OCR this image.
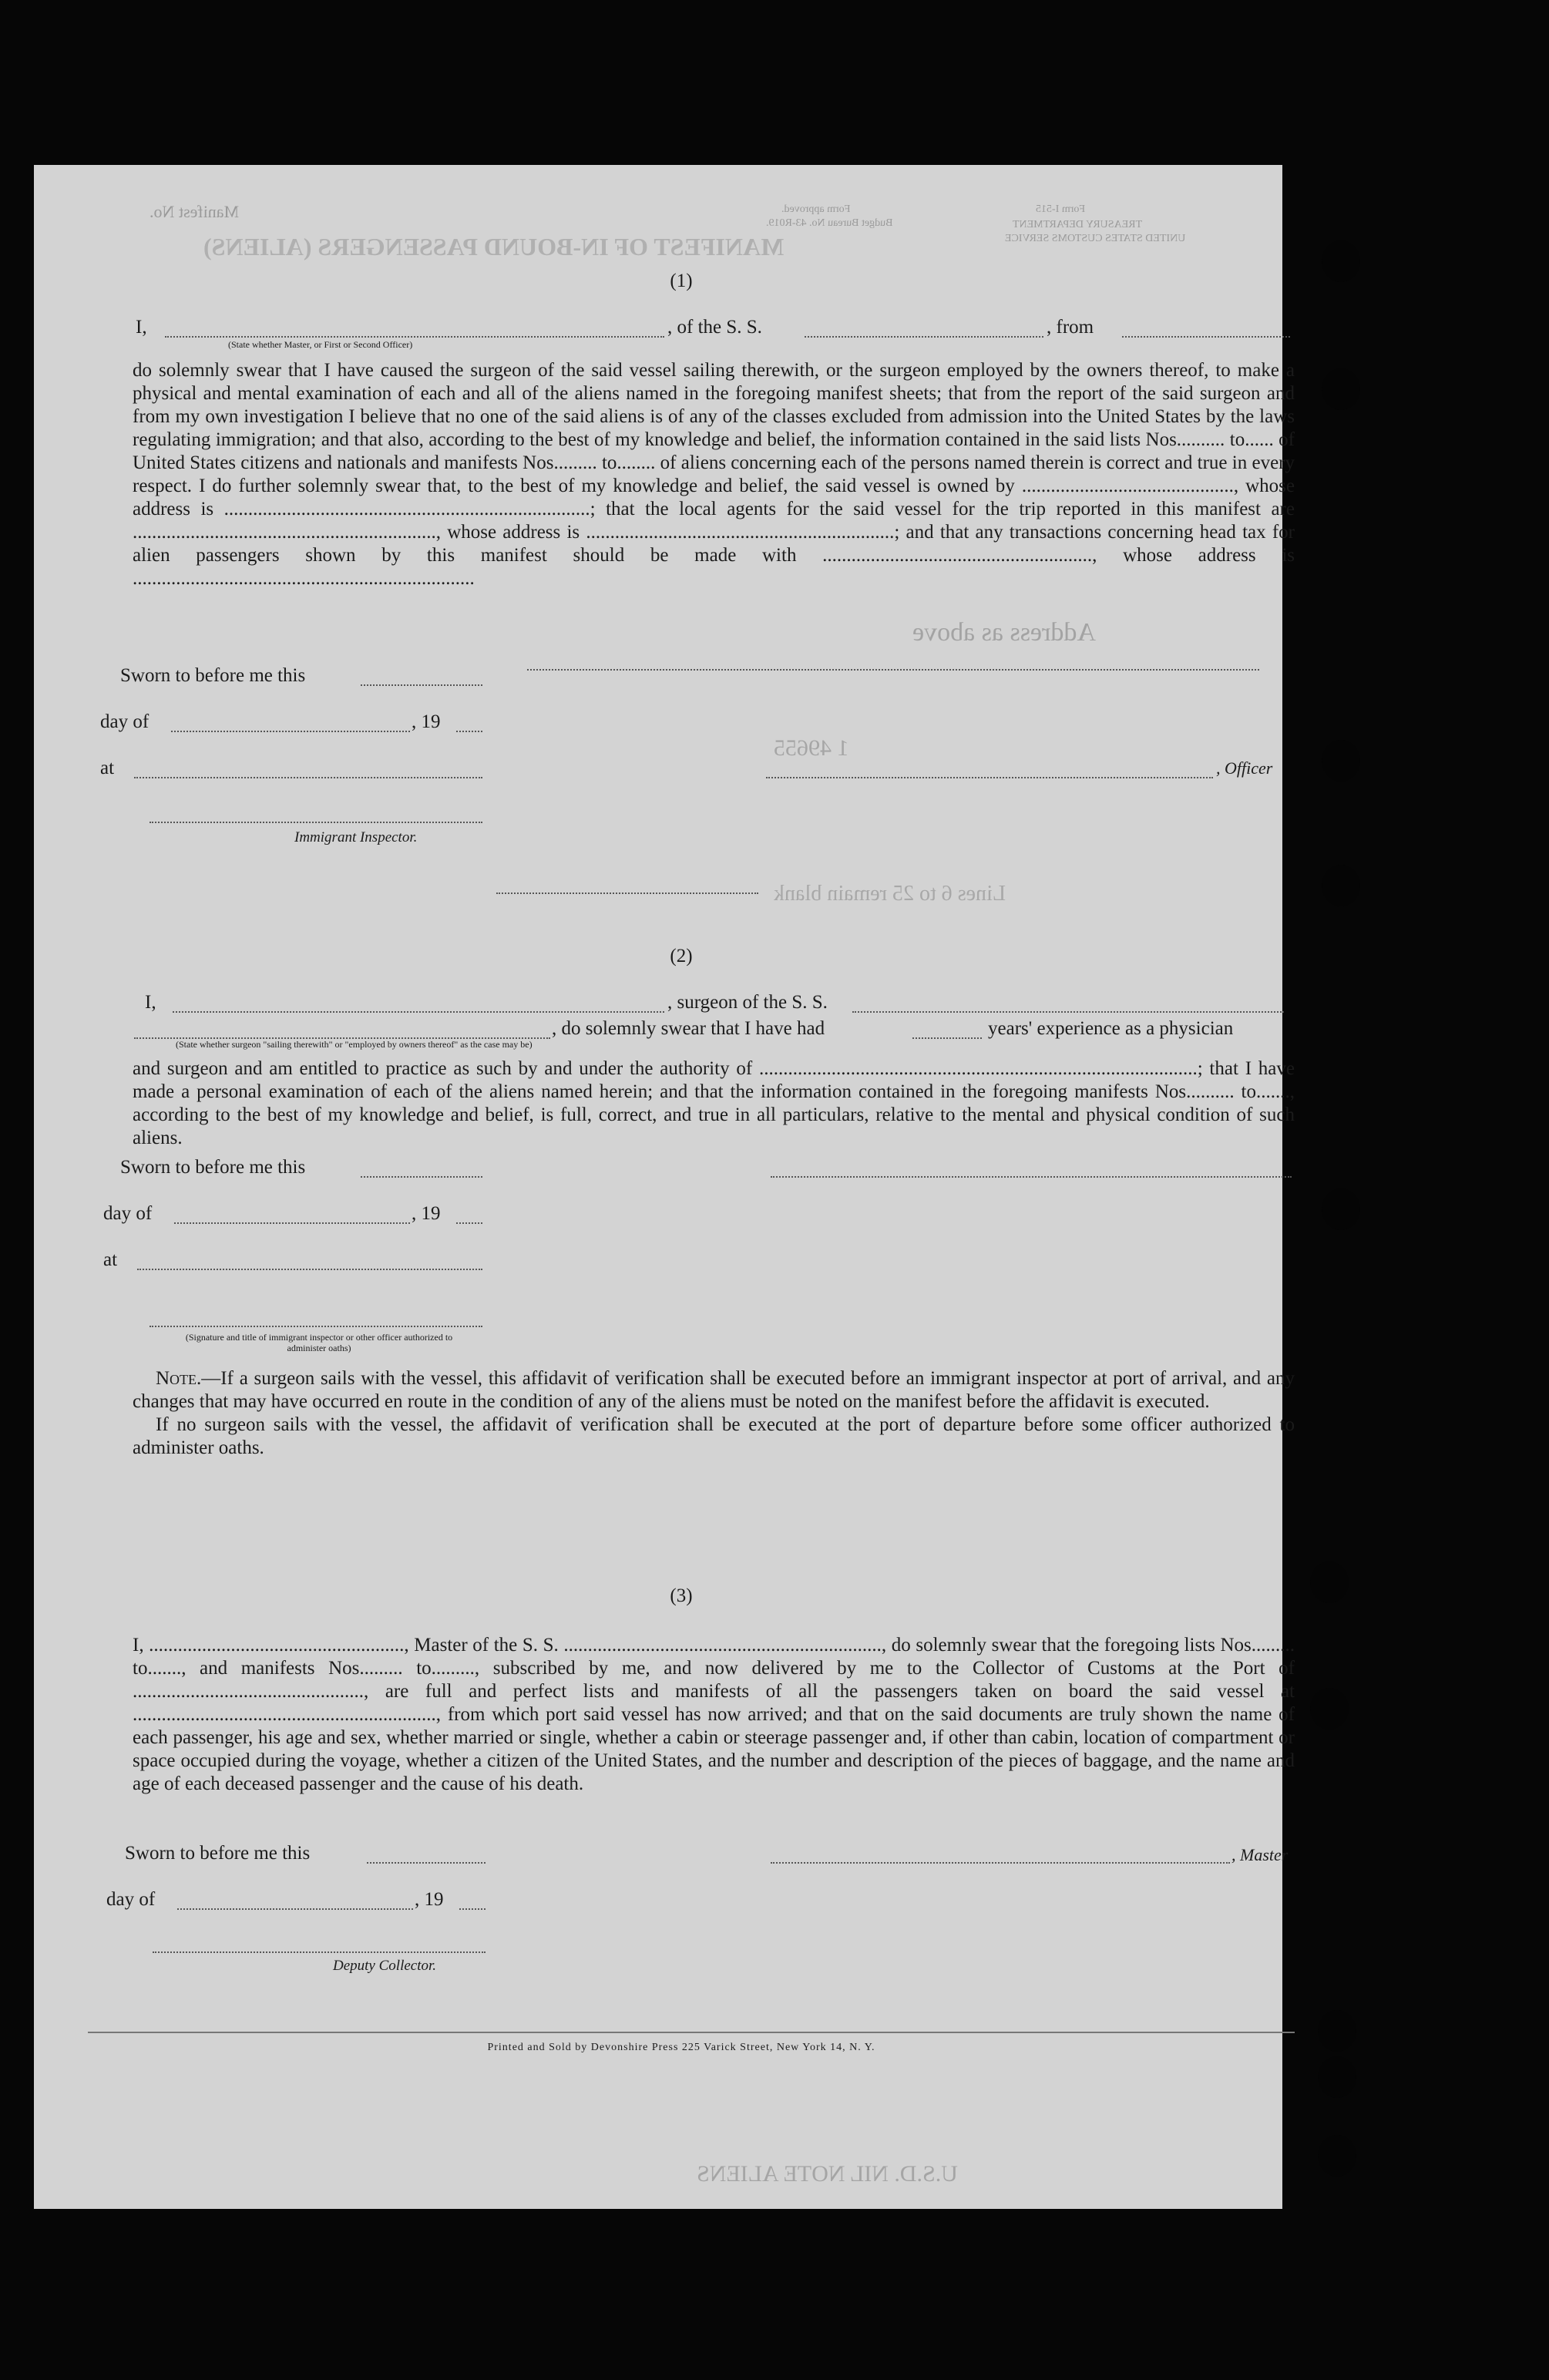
Manifest No.	Form approved.
Budget Bureau No. 43-R019.
Form I-515
TREASURY DEPARTMENT
UNITED STATES CUSTOMS SERVICE
MANIFEST OF IN-BOUND PASSENGERS (ALIENS)
(1)
I,	, of the S. S.	, from
(State whether Master, or First or Second Officer)

do solemnly swear that I have caused the surgeon of the said vessel sailing therewith, or the surgeon employed by the owners thereof, to make a physical and mental examination of each and all of the aliens named in the foregoing manifest sheets; that from the report of the said surgeon and from my own investigation I believe that no one of the said aliens is of any of the classes excluded from admission into the United States by the laws regulating immigration; and that also, according to the best of my knowledge and belief, the information contained in the said lists Nos.......... to...... of United States citizens and nationals and manifests Nos......... to........ of aliens concerning each of the persons named therein is correct and true in every respect. I do further solemnly swear that, to the best of my knowledge and belief, the said vessel is owned by ............................................, whose address is ............................................................................; that the local agents for the said vessel for the trip reported in this manifest are ..............................................................., whose address is ................................................................; and that any transactions concerning head tax for alien passengers shown by this manifest should be made with ........................................................, whose address is .......................................................................

Address as above
Sworn to before me this
day of	, 19
at	, Officer
1 49655
Immigrant Inspector.
Lines 6 to 25 remain blank
(2)
I,	, surgeon of the S. S.
, do solemnly swear that I have had	years' experience as a physician
(State whether surgeon "sailing therewith" or "employed by owners thereof" as the case may be)

and surgeon and am entitled to practice as such by and under the authority of ...........................................................................................; that I have made a personal examination of each of the aliens named herein; and that the information contained in the foregoing manifests Nos.......... to......., according to the best of my knowledge and belief, is full, correct, and true in all particulars, relative to the mental and physical condition of such aliens.

Sworn to before me this
day of	, 19
at
(Signature and title of immigrant inspector or other officer authorized to administer oaths)

Note.—If a surgeon sails with the vessel, this affidavit of verification shall be executed before an immigrant inspector at port of arrival, and any changes that may have occurred en route in the condition of any of the aliens must be noted on the manifest before the affidavit is executed.

If no surgeon sails with the vessel, the affidavit of verification shall be executed at the port of departure before some officer authorized to administer oaths.

(3)

I, ....................................................., Master of the S. S. .................................................................., do solemnly swear that the foregoing lists Nos......... to......., and manifests Nos......... to........., subscribed by me, and now delivered by me to the Collector of Customs at the Port of ................................................, are full and perfect lists and manifests of all the passengers taken on board the said vessel at ..............................................................., from which port said vessel has now arrived; and that on the said documents are truly shown the name of each passenger, his age and sex, whether married or single, whether a cabin or steerage passenger and, if other than cabin, location of compartment or space occupied during the voyage, whether a citizen of the United States, and the number and description of the pieces of baggage, and the name and age of each deceased passenger and the cause of his death.

Sworn to before me this	, Master
day of	, 19
Deputy Collector.
Printed and Sold by Devonshire Press 225 Varick Street, New York 14, N. Y.
U.S.D. NIL NOTE ALIENS
